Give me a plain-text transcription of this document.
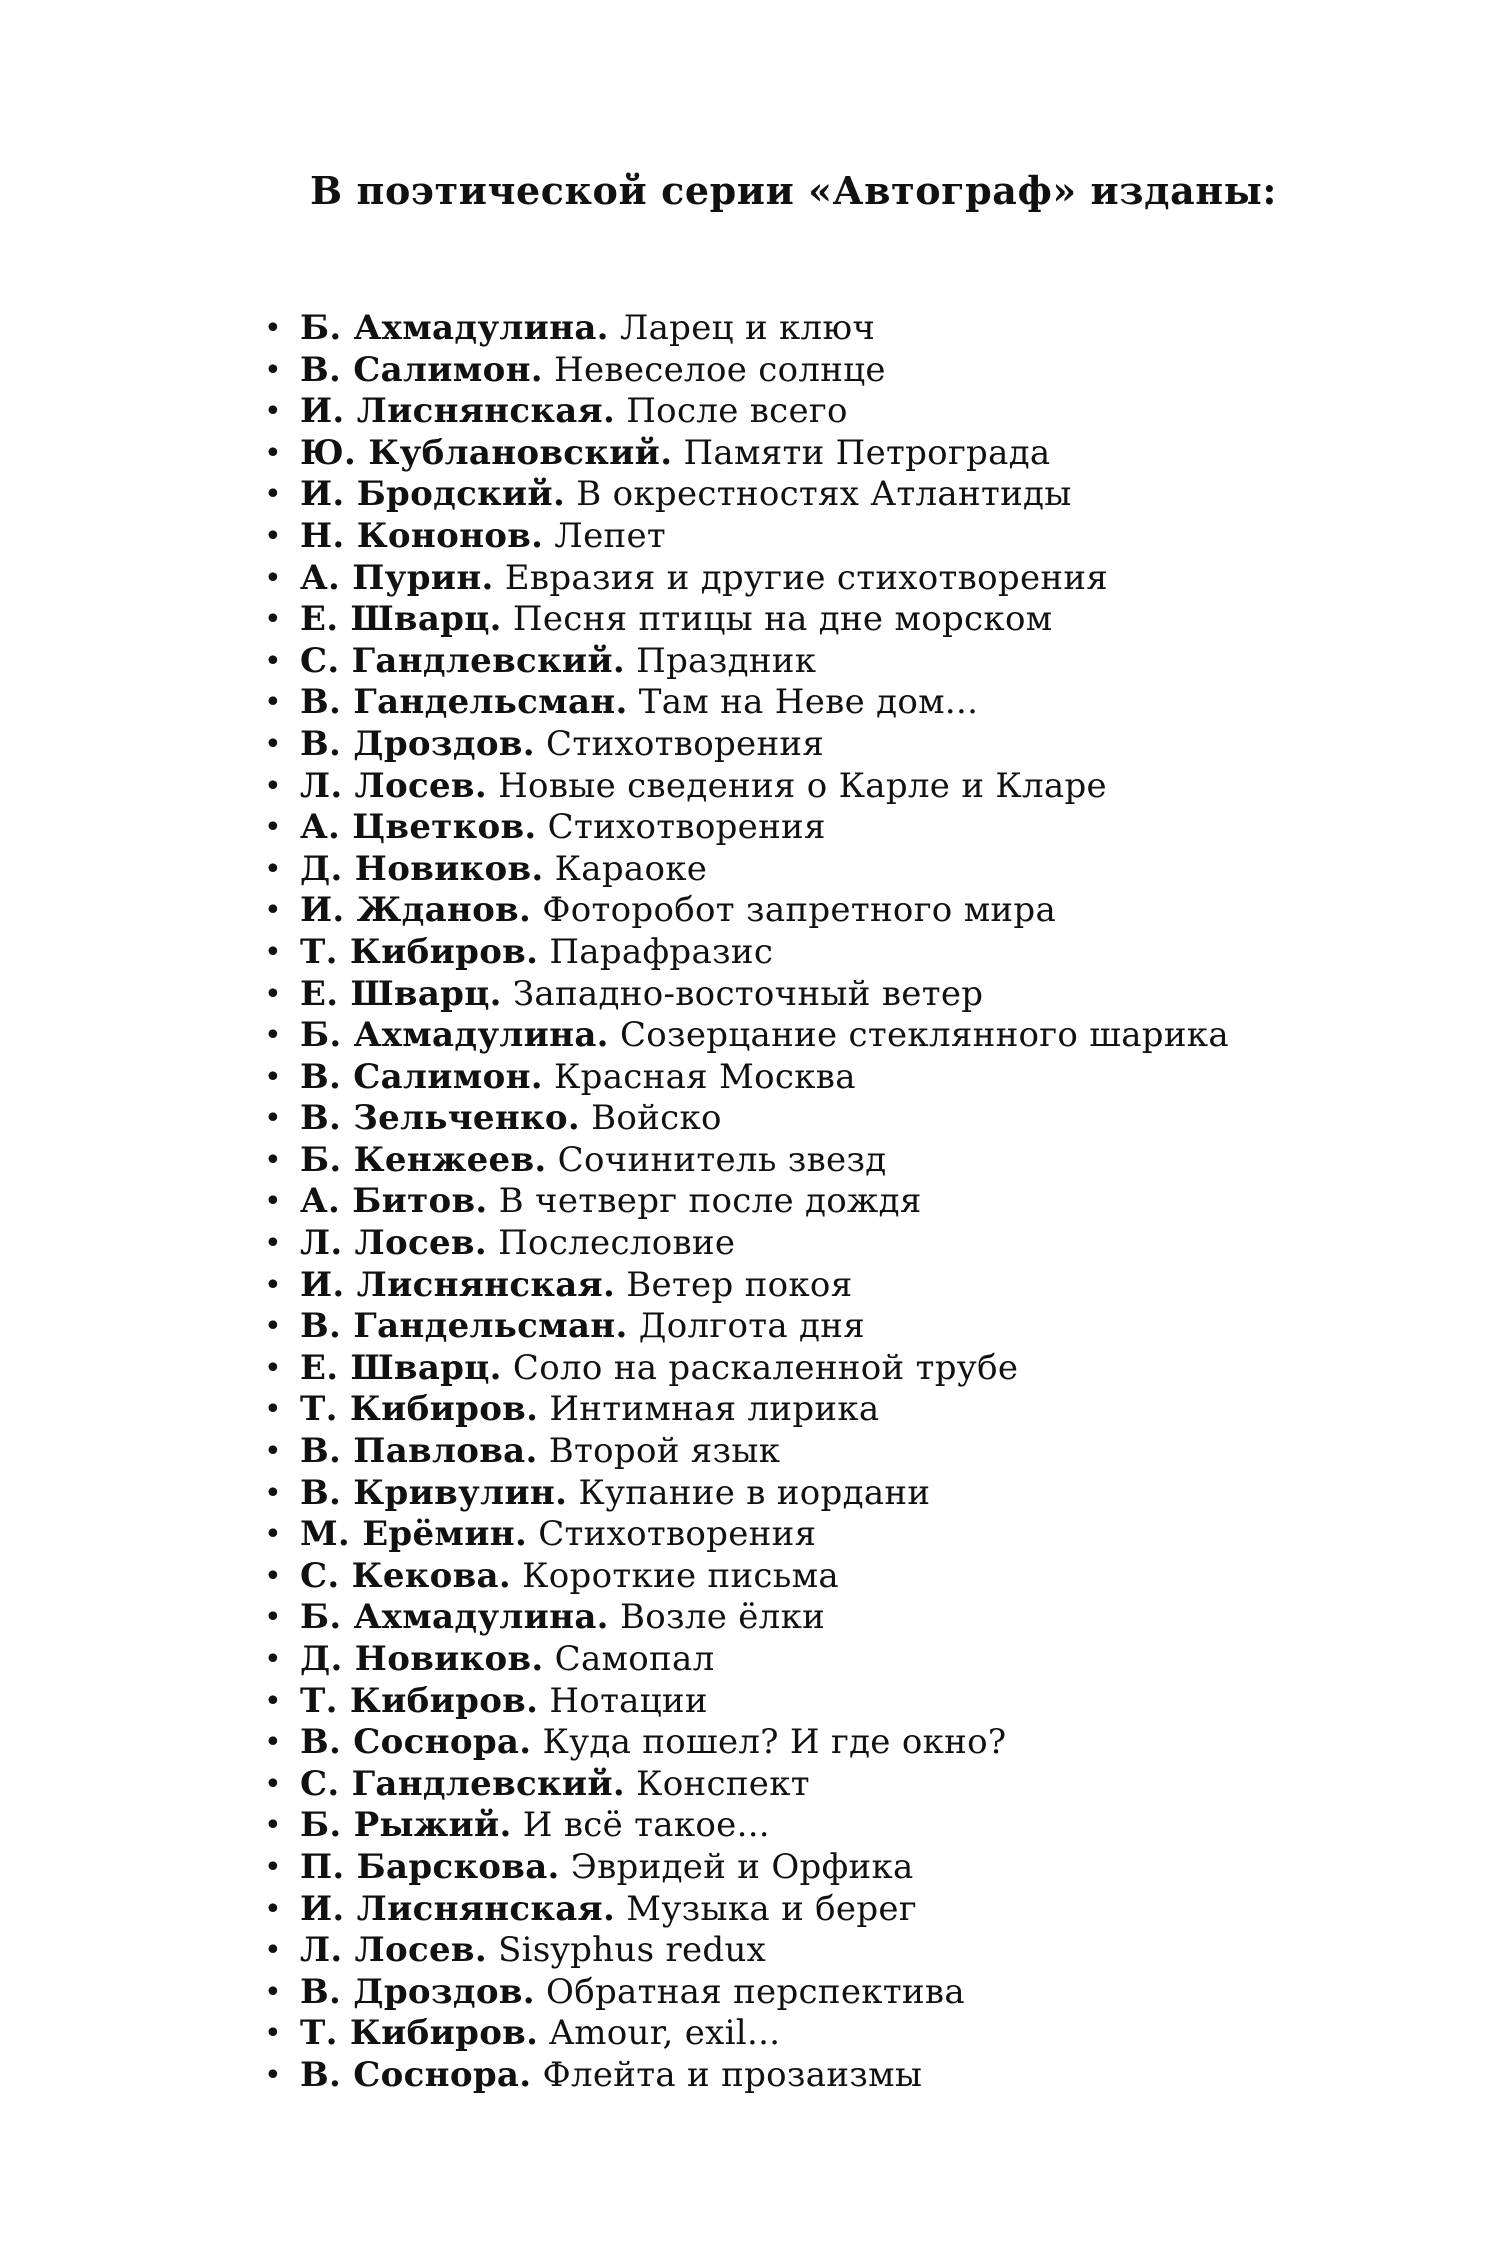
В поэтической серии «Автограф» изданы:
• Б. Ахмадулина. Ларец и ключ
• В. Салимон. Невеселое солнце
• И. Лиснянская. После всего
• Ю. Кублановский. Памяти Петрограда
• И. Бродский. В окрестностях Атлантиды
• Н. Кононов. Лепет
• А. Пурин. Евразия и другие стихотворения
• Е. Шварц. Песня птицы на дне морском
• С. Гандлевский. Праздник
• В. Гандельсман. Там на Неве дом...
• В. Дроздов. Стихотворения
• Л. Лосев. Новые сведения о Карле и Кларе
• А. Цветков. Стихотворения
• Д. Новиков. Караоке
• И. Жданов. Фоторобот запретного мира
• Т. Кибиров. Парафразис
• Е. Шварц. Западно-восточный ветер
• Б. Ахмадулина. Созерцание стеклянного шарика
• В. Салимон. Красная Москва
• В. Зельченко. Войско
• Б. Кенжеев. Сочинитель звезд
• А. Битов. В четверг после дождя
• Л. Лосев. Послесловие
• И. Лиснянская. Ветер покоя
• В. Гандельсман. Долгота дня
• Е. Шварц. Соло на раскаленной трубе
• Т. Кибиров. Интимная лирика
• В. Павлова. Второй язык
• В. Кривулин. Купание в иордани
• М. Ерёмин. Стихотворения
• С. Кекова. Короткие письма
• Б. Ахмадулина. Возле ёлки
• Д. Новиков. Самопал
• Т. Кибиров. Нотации
• В. Соснора. Куда пошел? И где окно?
• С. Гандлевский. Конспект
• Б. Рыжий. И всё такое...
• П. Барскова. Эвридей и Орфика
• И. Лиснянская. Музыка и берег
• Л. Лосев. Sisyphus redux
• В. Дроздов. Обратная перспектива
• Т. Кибиров. Amour, exil...
• В. Соснора. Флейта и прозаизмы
